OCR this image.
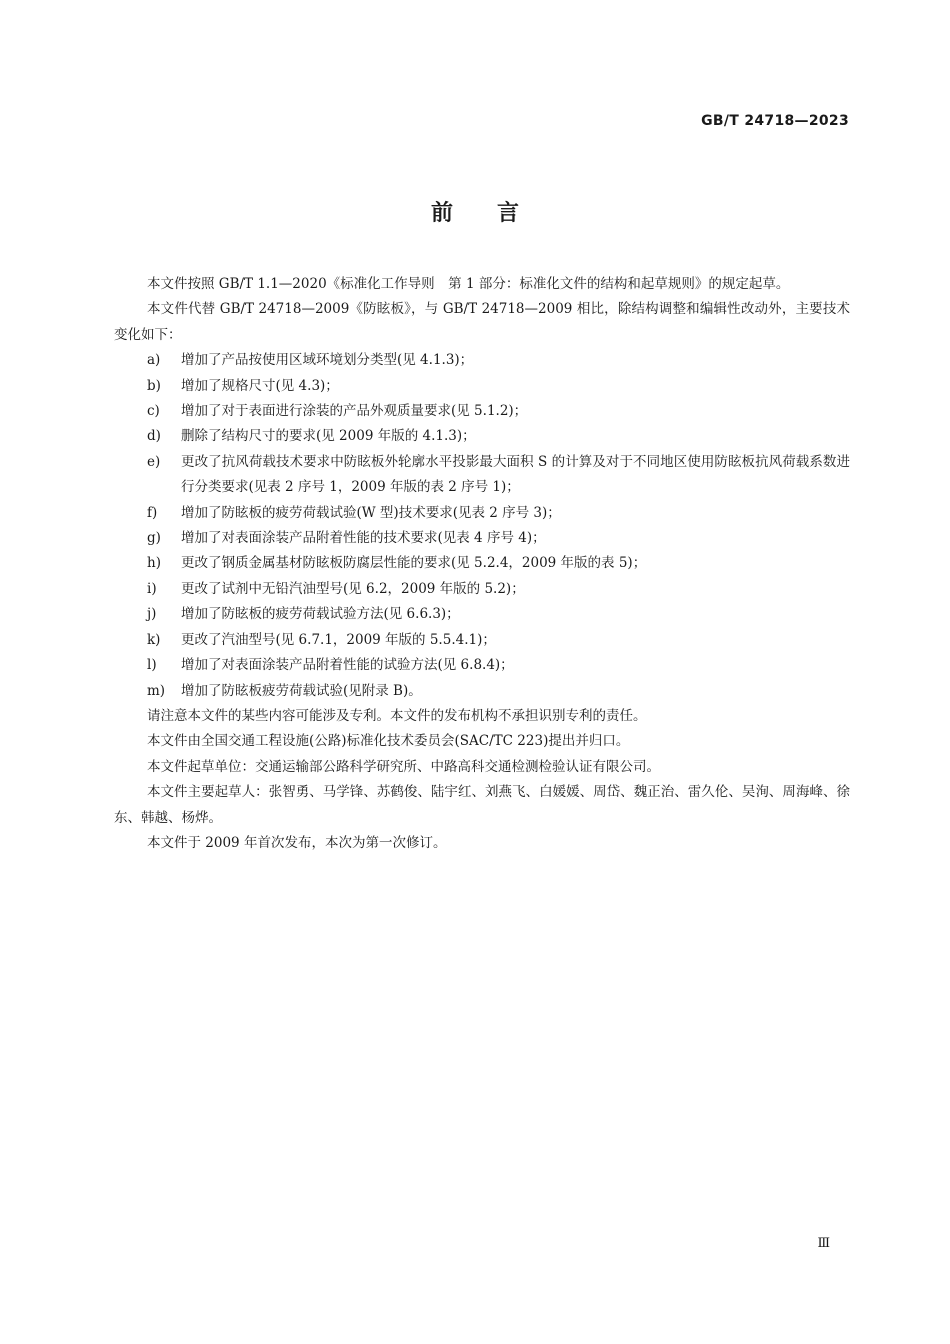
GB/T 24718—2023
前言

本文件按照 GB/T 1.1—2020《标准化工作导则　第 1 部分：标准化文件的结构和起草规则》的规定起草。

本文件代替 GB/T 24718—2009《防眩板》，与 GB/T 24718—2009 相比，除结构调整和编辑性改动外，主要技术变化如下：

a) 增加了产品按使用区域环境划分类型(见 4.1.3)；
b) 增加了规格尺寸(见 4.3)；
c) 增加了对于表面进行涂装的产品外观质量要求(见 5.1.2)；
d) 删除了结构尺寸的要求(见 2009 年版的 4.1.3)；
e) 更改了抗风荷载技术要求中防眩板外轮廓水平投影最大面积 S 的计算及对于不同地区使用防眩板抗风荷载系数进行分类要求(见表 2 序号 1，2009 年版的表 2 序号 1)；
f) 增加了防眩板的疲劳荷载试验(W 型)技术要求(见表 2 序号 3)；
g) 增加了对表面涂装产品附着性能的技术要求(见表 4 序号 4)；
h) 更改了钢质金属基材防眩板防腐层性能的要求(见 5.2.4，2009 年版的表 5)；
i) 更改了试剂中无铅汽油型号(见 6.2，2009 年版的 5.2)；
j) 增加了防眩板的疲劳荷载试验方法(见 6.6.3)；
k) 更改了汽油型号(见 6.7.1，2009 年版的 5.5.4.1)；
l) 增加了对表面涂装产品附着性能的试验方法(见 6.8.4)；
m) 增加了防眩板疲劳荷载试验(见附录 B)。

请注意本文件的某些内容可能涉及专利。本文件的发布机构不承担识别专利的责任。

本文件由全国交通工程设施(公路)标准化技术委员会(SAC/TC 223)提出并归口。

本文件起草单位：交通运输部公路科学研究所、中路高科交通检测检验认证有限公司。

本文件主要起草人：张智勇、马学锋、苏鹤俊、陆宇红、刘燕飞、白媛媛、周岱、魏正治、雷久伦、吴洵、周海峰、徐东、韩越、杨烨。

本文件于 2009 年首次发布，本次为第一次修订。

Ⅲ
